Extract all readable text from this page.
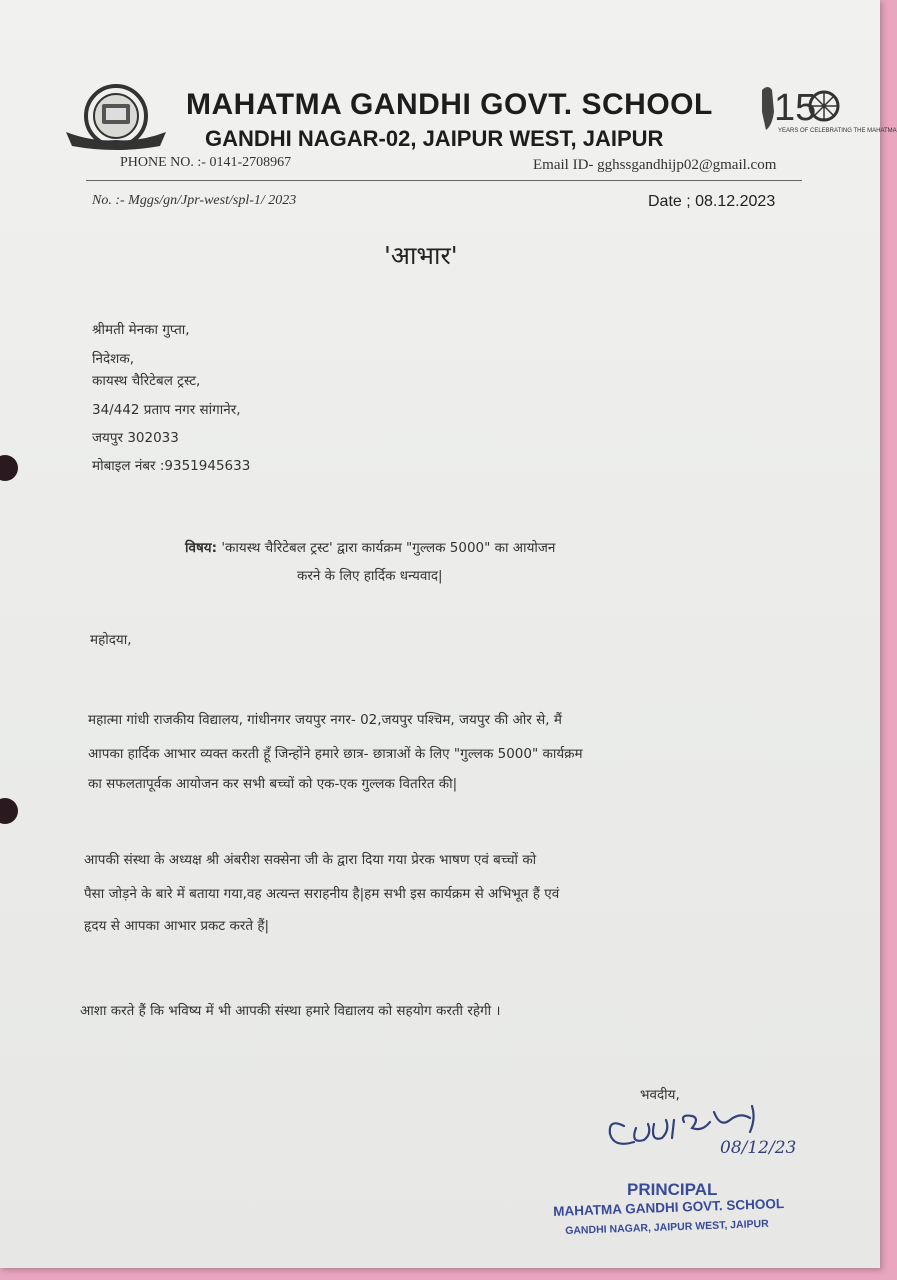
MAHATMA GANDHI GOVT. SCHOOL
GANDHI NAGAR-02, JAIPUR WEST, JAIPUR
15
YEARS OF CELEBRATING THE MAHATMA
PHONE NO. :- 0141-2708967	Email ID- gghssgandhijp02@gmail.com
No. :- Mggs/gn/Jpr-west/spl-1/ 2023	Date ; 08.12.2023
'आभार'
श्रीमती मेनका गुप्ता,
निदेशक,
कायस्थ चैरिटेबल ट्रस्ट,
34/442 प्रताप नगर सांगानेर,
जयपुर 302033
मोबाइल नंबर :9351945633
विषय: 'कायस्थ चैरिटेबल ट्रस्ट' द्वारा कार्यक्रम "गुल्लक 5000" का आयोजन
करने के लिए हार्दिक धन्यवाद|
महोदया,
महात्मा गांधी राजकीय विद्यालय, गांधीनगर जयपुर नगर- 02,जयपुर पश्चिम, जयपुर की ओर से, मैं
आपका हार्दिक आभार व्यक्त करती हूँ जिन्होंने हमारे छात्र- छात्राओं के लिए "गुल्लक 5000" कार्यक्रम
का सफलतापूर्वक आयोजन कर सभी बच्चों को एक-एक गुल्लक वितरित की|
आपकी संस्था के अध्यक्ष श्री अंबरीश सक्सेना जी के द्वारा दिया गया प्रेरक भाषण एवं बच्चों को
पैसा जोड़ने के बारे में बताया गया,वह अत्यन्त सराहनीय है|हम सभी इस कार्यक्रम से अभिभूत हैं एवं
हृदय से आपका आभार प्रकट करते हैं|
आशा करते हैं कि भविष्य में भी आपकी संस्था हमारे विद्यालय को सहयोग करती रहेगी ।
भवदीय,
08/12/23
PRINCIPAL
MAHATMA GANDHI GOVT. SCHOOL
GANDHI NAGAR, JAIPUR WEST, JAIPUR
